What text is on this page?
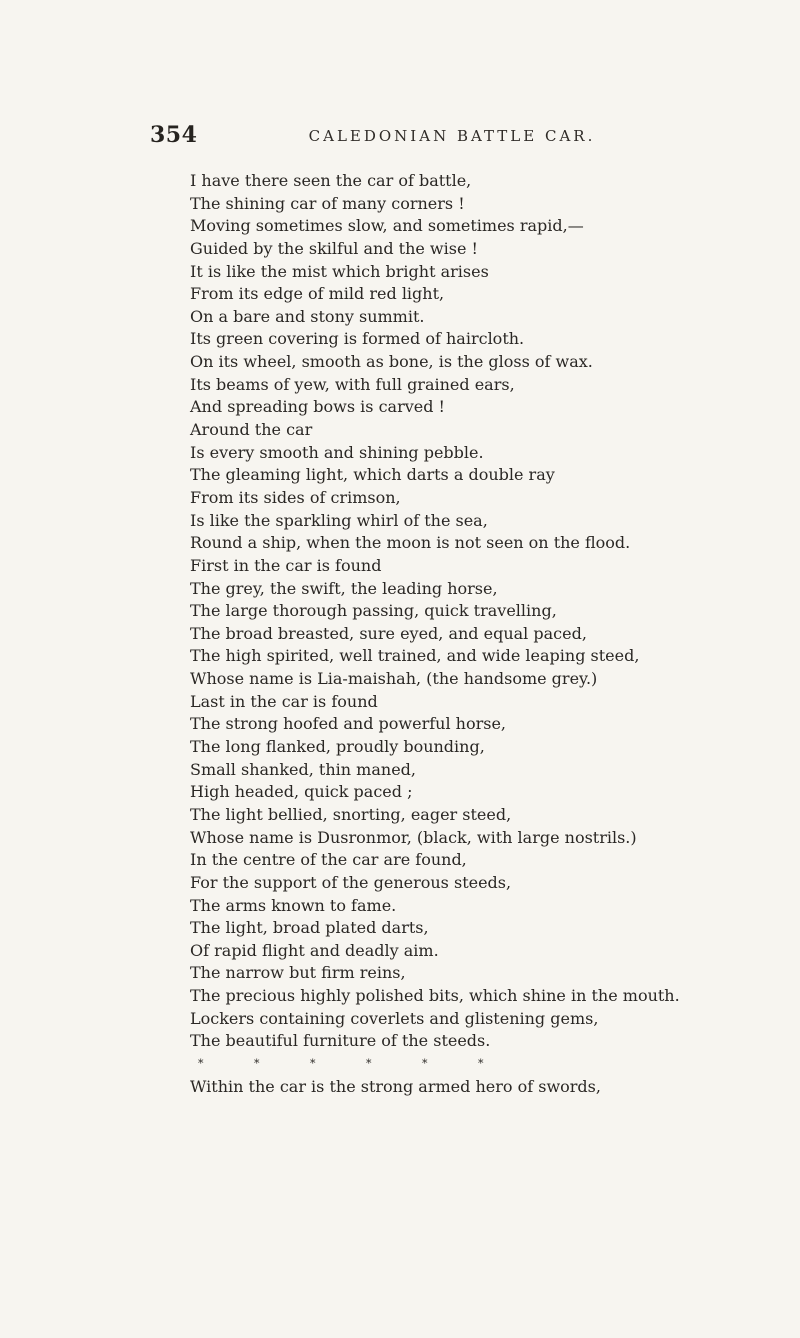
354	CALEDONIAN BATTLE CAR.
I have there seen the car of battle,
The shining car of many corners !
Moving sometimes slow, and sometimes rapid,—
Guided by the skilful and the wise !
It is like the mist which bright arises
From its edge of mild red light,
On a bare and stony summit.
Its green covering is formed of haircloth.
On its wheel, smooth as bone, is the gloss of wax.
Its beams of yew, with full grained ears,
And spreading bows is carved !
Around the car
Is every smooth and shining pebble.
The gleaming light, which darts a double ray
From its sides of crimson,
Is like the sparkling whirl of the sea,
Round a ship, when the moon is not seen on the flood.
First in the car is found
The grey, the swift, the leading horse,
The large thorough passing, quick travelling,
The broad breasted, sure eyed, and equal paced,
The high spirited, well trained, and wide leaping steed,
Whose name is Lia-maishah, (the handsome grey.)
Last in the car is found
The strong hoofed and powerful horse,
The long flanked, proudly bounding,
Small shanked, thin maned,
High headed, quick paced ;
The light bellied, snorting, eager steed,
Whose name is Dusronmor, (black, with large nostrils.)
In the centre of the car are found,
For the support of the generous steeds,
The arms known to fame.
The light, broad plated darts,
Of rapid flight and deadly aim.
The narrow but firm reins,
The precious highly polished bits, which shine in the mouth.
Lockers containing coverlets and glistening gems,
The beautiful furniture of the steeds.
*	*	*	*	*	*
Within the car is the strong armed hero of swords,
